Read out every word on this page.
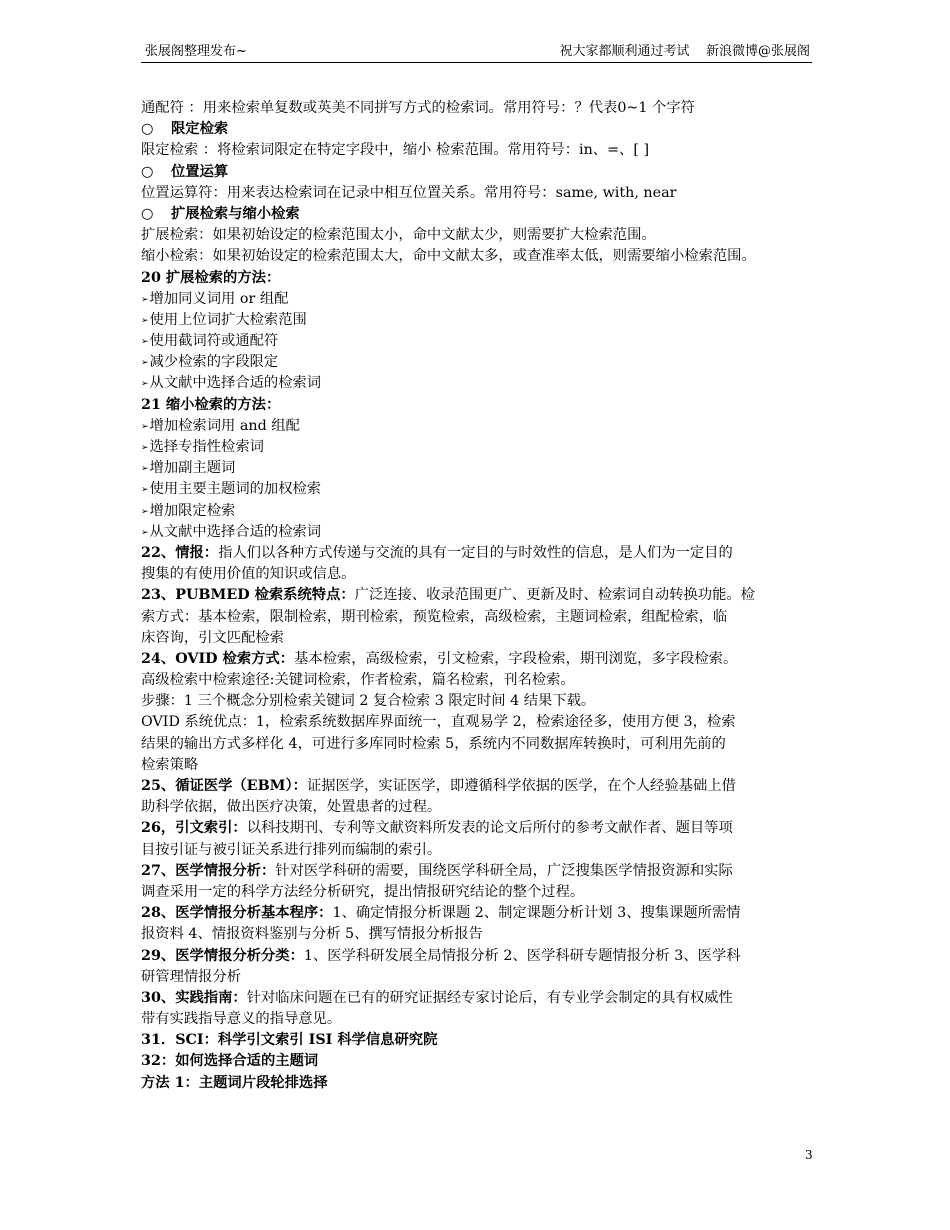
张展阁整理发布~	祝大家都顺利通过考试    新浪微博@张展阁
通配符 ：用来检索单复数或英美不同拼写方式的检索词。常用符号：？代表0~1 个字符
○ 限定检索
限定检索 ：将检索词限定在特定字段中，缩小 检索范围。常用符号：in、=、[ ]
○ 位置运算
位置运算符：用来表达检索词在记录中相互位置关系。常用符号：same, with, near
○ 扩展检索与缩小检索
扩展检索：如果初始设定的检索范围太小，命中文献太少，则需要扩大检索范围。
缩小检索：如果初始设定的检索范围太大，命中文献太多，或查准率太低，则需要缩小检索范围。
20 扩展检索的方法：
➢增加同义词用 or 组配
➢使用上位词扩大检索范围
➢使用截词符或通配符
➢减少检索的字段限定
➢从文献中选择合适的检索词
21 缩小检索的方法：
➢增加检索词用 and 组配
➢选择专指性检索词
➢增加副主题词
➢使用主要主题词的加权检索
➢增加限定检索
➢从文献中选择合适的检索词
22、情报：指人们以各种方式传递与交流的具有一定目的与时效性的信息，是人们为一定目的
搜集的有使用价值的知识或信息。
23、PUBMED 检索系统特点：广泛连接、收录范围更广、更新及时、检索词自动转换功能。检
索方式：基本检索，限制检索，期刊检索，预览检索，高级检索，主题词检索，组配检索，临
床咨询，引文匹配检索
24、OVID 检索方式：基本检索，高级检索，引文检索，字段检索，期刊浏览，多字段检索。
高级检索中检索途径:关键词检索，作者检索，篇名检索，刊名检索。
步骤：1 三个概念分别检索关键词 2 复合检索 3 限定时间 4 结果下载。
OVID 系统优点：1，检索系统数据库界面统一，直观易学 2，检索途径多，使用方便 3，检索
结果的输出方式多样化 4，可进行多库同时检索 5，系统内不同数据库转换时，可利用先前的
检索策略
25、循证医学（EBM）：证据医学，实证医学，即遵循科学依据的医学，在个人经验基础上借
助科学依据，做出医疗决策，处置患者的过程。
26，引文索引：以科技期刊、专利等文献资料所发表的论文后所付的参考文献作者、题目等项
目按引证与被引证关系进行排列而编制的索引。
27、医学情报分析：针对医学科研的需要，围绕医学科研全局，广泛搜集医学情报资源和实际
调查采用一定的科学方法经分析研究，提出情报研究结论的整个过程。
28、医学情报分析基本程序：1、确定情报分析课题 2、制定课题分析计划 3、搜集课题所需情
报资料 4、情报资料鉴别与分析 5、撰写情报分析报告
29、医学情报分析分类：1、医学科研发展全局情报分析 2、医学科研专题情报分析 3、医学科
研管理情报分析
30、实践指南：针对临床问题在已有的研究证据经专家讨论后，有专业学会制定的具有权威性
带有实践指导意义的指导意见。
31．SCI：科学引文索引 ISI 科学信息研究院
32：如何选择合适的主题词
方法 1：主题词片段轮排选择
3
